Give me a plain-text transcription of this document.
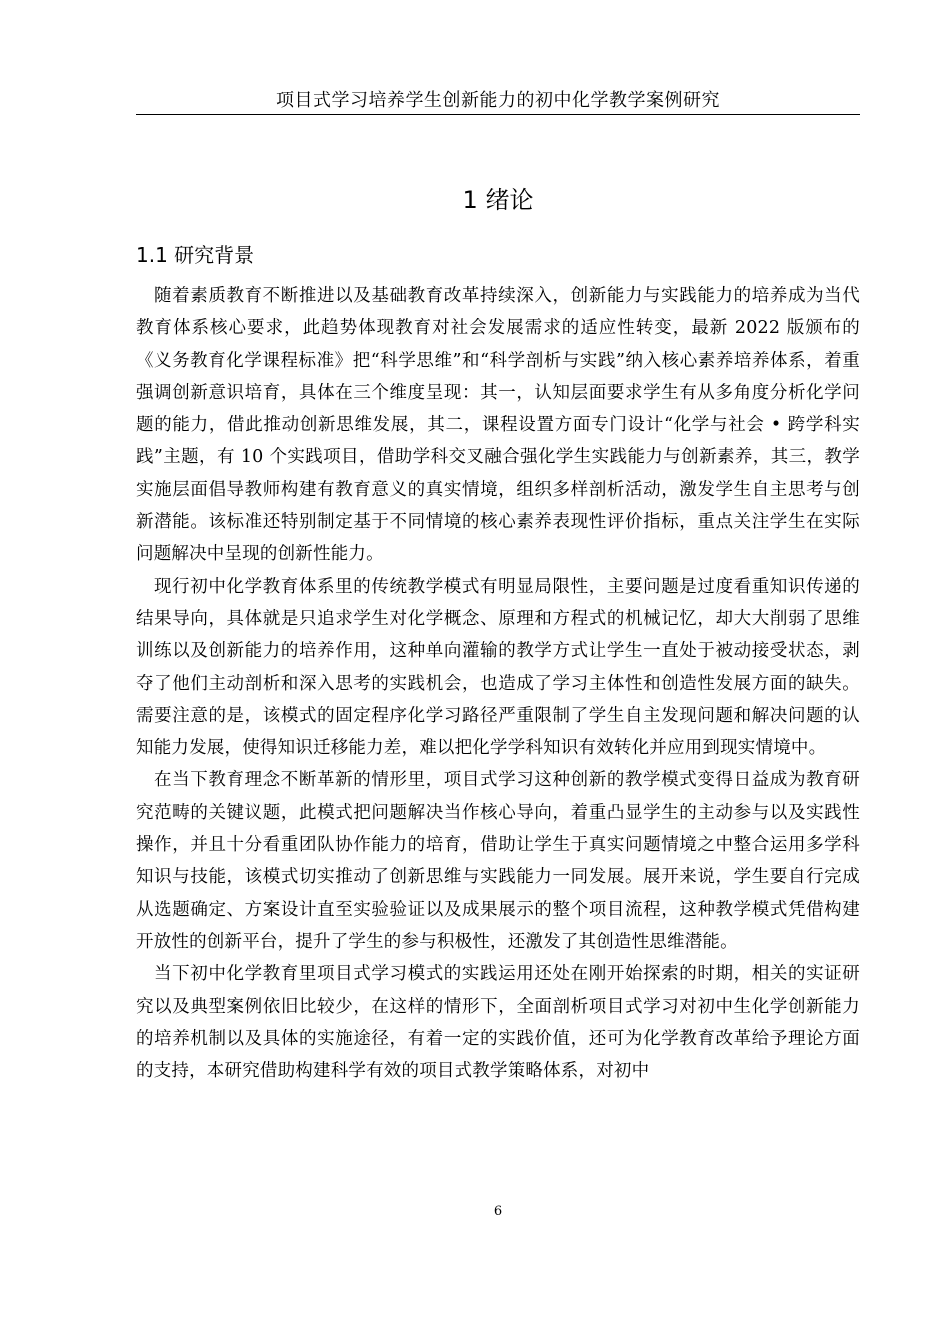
项目式学习培养学生创新能力的初中化学教学案例研究
1 绪论
1.1 研究背景

随着素质教育不断推进以及基础教育改革持续深入，创新能力与实践能力的培养成为当代教育体系核心要求，此趋势体现教育对社会发展需求的适应性转变，最新 2022 版颁布的《义务教育化学课程标准》把“科学思维”和“科学剖析与实践”纳入核心素养培养体系，着重强调创新意识培育，具体在三个维度呈现：其一，认知层面要求学生有从多角度分析化学问题的能力，借此推动创新思维发展，其二，课程设置方面专门设计“化学与社会 • 跨学科实践”主题，有 10 个实践项目，借助学科交叉融合强化学生实践能力与创新素养，其三，教学实施层面倡导教师构建有教育意义的真实情境，组织多样剖析活动，激发学生自主思考与创新潜能。该标准还特别制定基于不同情境的核心素养表现性评价指标，重点关注学生在实际问题解决中呈现的创新性能力。

现行初中化学教育体系里的传统教学模式有明显局限性，主要问题是过度看重知识传递的结果导向，具体就是只追求学生对化学概念、原理和方程式的机械记忆，却大大削弱了思维训练以及创新能力的培养作用，这种单向灌输的教学方式让学生一直处于被动接受状态，剥夺了他们主动剖析和深入思考的实践机会，也造成了学习主体性和创造性发展方面的缺失。需要注意的是，该模式的固定程序化学习路径严重限制了学生自主发现问题和解决问题的认知能力发展，使得知识迁移能力差，难以把化学学科知识有效转化并应用到现实情境中。

在当下教育理念不断革新的情形里，项目式学习这种创新的教学模式变得日益成为教育研究范畴的关键议题，此模式把问题解决当作核心导向，着重凸显学生的主动参与以及实践性操作，并且十分看重团队协作能力的培育，借助让学生于真实问题情境之中整合运用多学科知识与技能，该模式切实推动了创新思维与实践能力一同发展。展开来说，学生要自行完成从选题确定、方案设计直至实验验证以及成果展示的整个项目流程，这种教学模式凭借构建开放性的创新平台，提升了学生的参与积极性，还激发了其创造性思维潜能。

当下初中化学教育里项目式学习模式的实践运用还处在刚开始探索的时期，相关的实证研究以及典型案例依旧比较少，在这样的情形下，全面剖析项目式学习对初中生化学创新能力的培养机制以及具体的实施途径，有着一定的实践价值，还可为化学教育改革给予理论方面的支持，本研究借助构建科学有效的项目式教学策略体系，对初中

6
